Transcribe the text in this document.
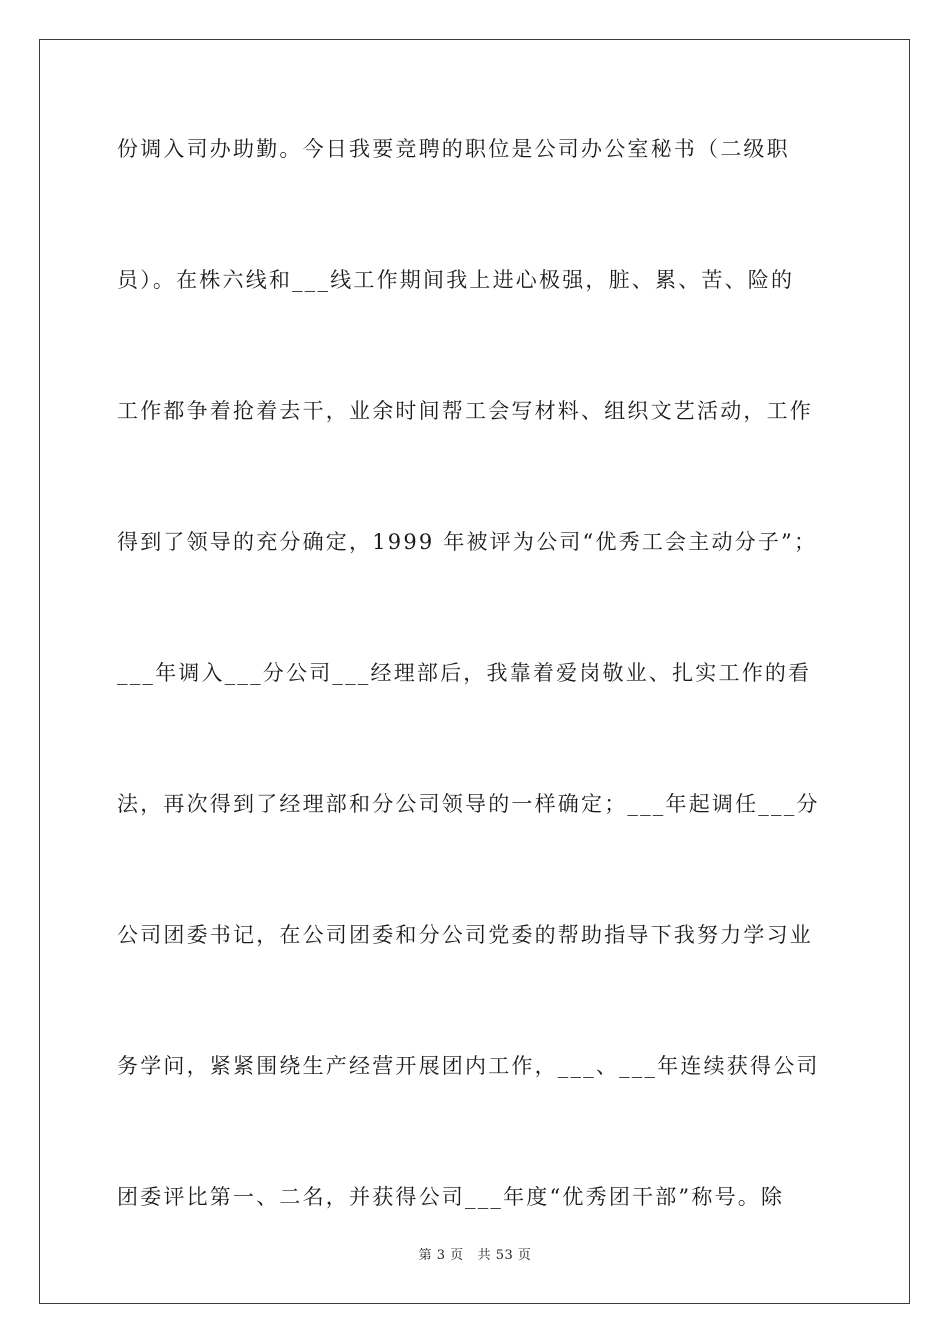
份调入司办助勤。今日我要竞聘的职位是公司办公室秘书（二级职
员）。在株六线和___线工作期间我上进心极强，脏、累、苦、险的
工作都争着抢着去干，业余时间帮工会写材料、组织文艺活动，工作
得到了领导的充分确定，1999 年被评为公司“优秀工会主动分子”；
___年调入___分公司___经理部后，我靠着爱岗敬业、扎实工作的看
法，再次得到了经理部和分公司领导的一样确定；___年起调任___分
公司团委书记，在公司团委和分公司党委的帮助指导下我努力学习业
务学问，紧紧围绕生产经营开展团内工作，___、___年连续获得公司
团委评比第一、二名，并获得公司___年度“优秀团干部”称号。除
第 3 页 共 53 页
